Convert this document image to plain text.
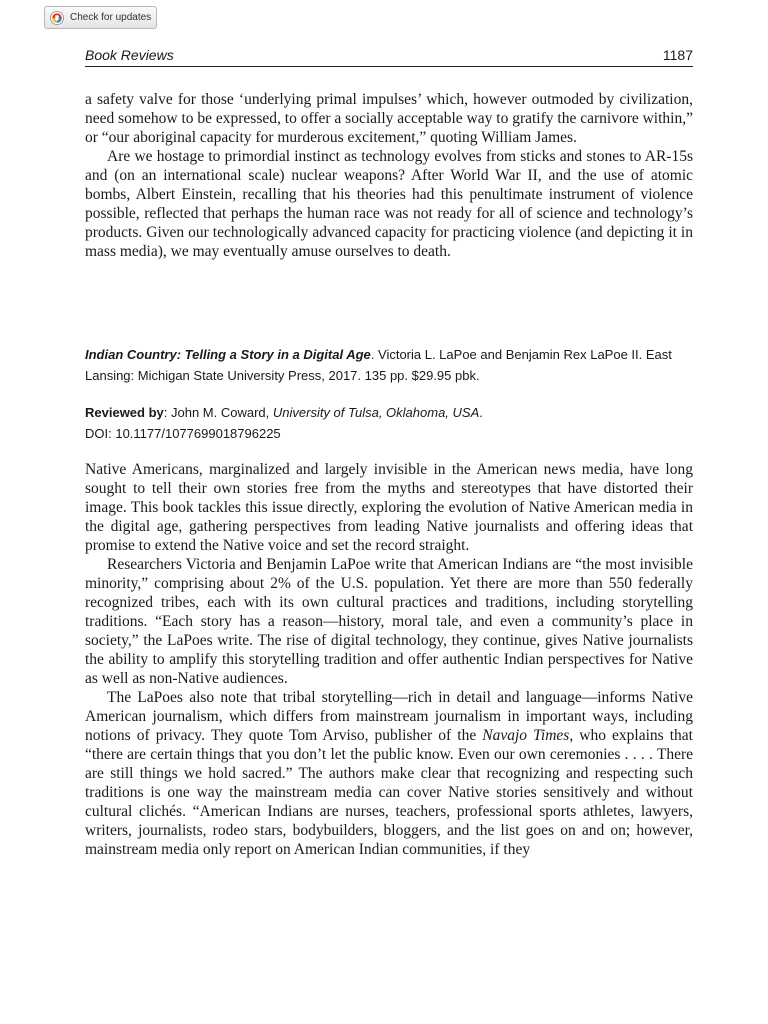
Check for updates
Book Reviews	1187

a safety valve for those ‘underlying primal impulses’ which, however outmoded by civilization, need somehow to be expressed, to offer a socially acceptable way to gratify the carnivore within,” or “our aboriginal capacity for murderous excitement,” quoting William James.

Are we hostage to primordial instinct as technology evolves from sticks and stones to AR-15s and (on an international scale) nuclear weapons? After World War II, and the use of atomic bombs, Albert Einstein, recalling that his theories had this penultimate instrument of violence possible, reflected that perhaps the human race was not ready for all of science and technology’s products. Given our technologically advanced capacity for practicing violence (and depicting it in mass media), we may eventually amuse ourselves to death.

Indian Country: Telling a Story in a Digital Age. Victoria L. LaPoe and Benjamin Rex LaPoe II. East Lansing: Michigan State University Press, 2017. 135 pp. $29.95 pbk.

Reviewed by: John M. Coward, University of Tulsa, Oklahoma, USA.

DOI: 10.1177/1077699018796225

Native Americans, marginalized and largely invisible in the American news media, have long sought to tell their own stories free from the myths and stereotypes that have distorted their image. This book tackles this issue directly, exploring the evolution of Native American media in the digital age, gathering perspectives from leading Native journalists and offering ideas that promise to extend the Native voice and set the record straight.

Researchers Victoria and Benjamin LaPoe write that American Indians are “the most invisible minority,” comprising about 2% of the U.S. population. Yet there are more than 550 federally recognized tribes, each with its own cultural practices and traditions, including storytelling traditions. “Each story has a reason—history, moral tale, and even a community’s place in society,” the LaPoes write. The rise of digital technology, they continue, gives Native journalists the ability to amplify this storytelling tradition and offer authentic Indian perspectives for Native as well as non-Native audiences.

The LaPoes also note that tribal storytelling—rich in detail and language—informs Native American journalism, which differs from mainstream journalism in important ways, including notions of privacy. They quote Tom Arviso, publisher of the Navajo Times, who explains that “there are certain things that you don’t let the public know. Even our own ceremonies . . . . There are still things we hold sacred.” The authors make clear that recognizing and respecting such traditions is one way the mainstream media can cover Native stories sensitively and without cultural clichés. “American Indians are nurses, teachers, professional sports athletes, lawyers, writers, journalists, rodeo stars, bodybuilders, bloggers, and the list goes on and on; however, mainstream media only report on American Indian communities, if they
